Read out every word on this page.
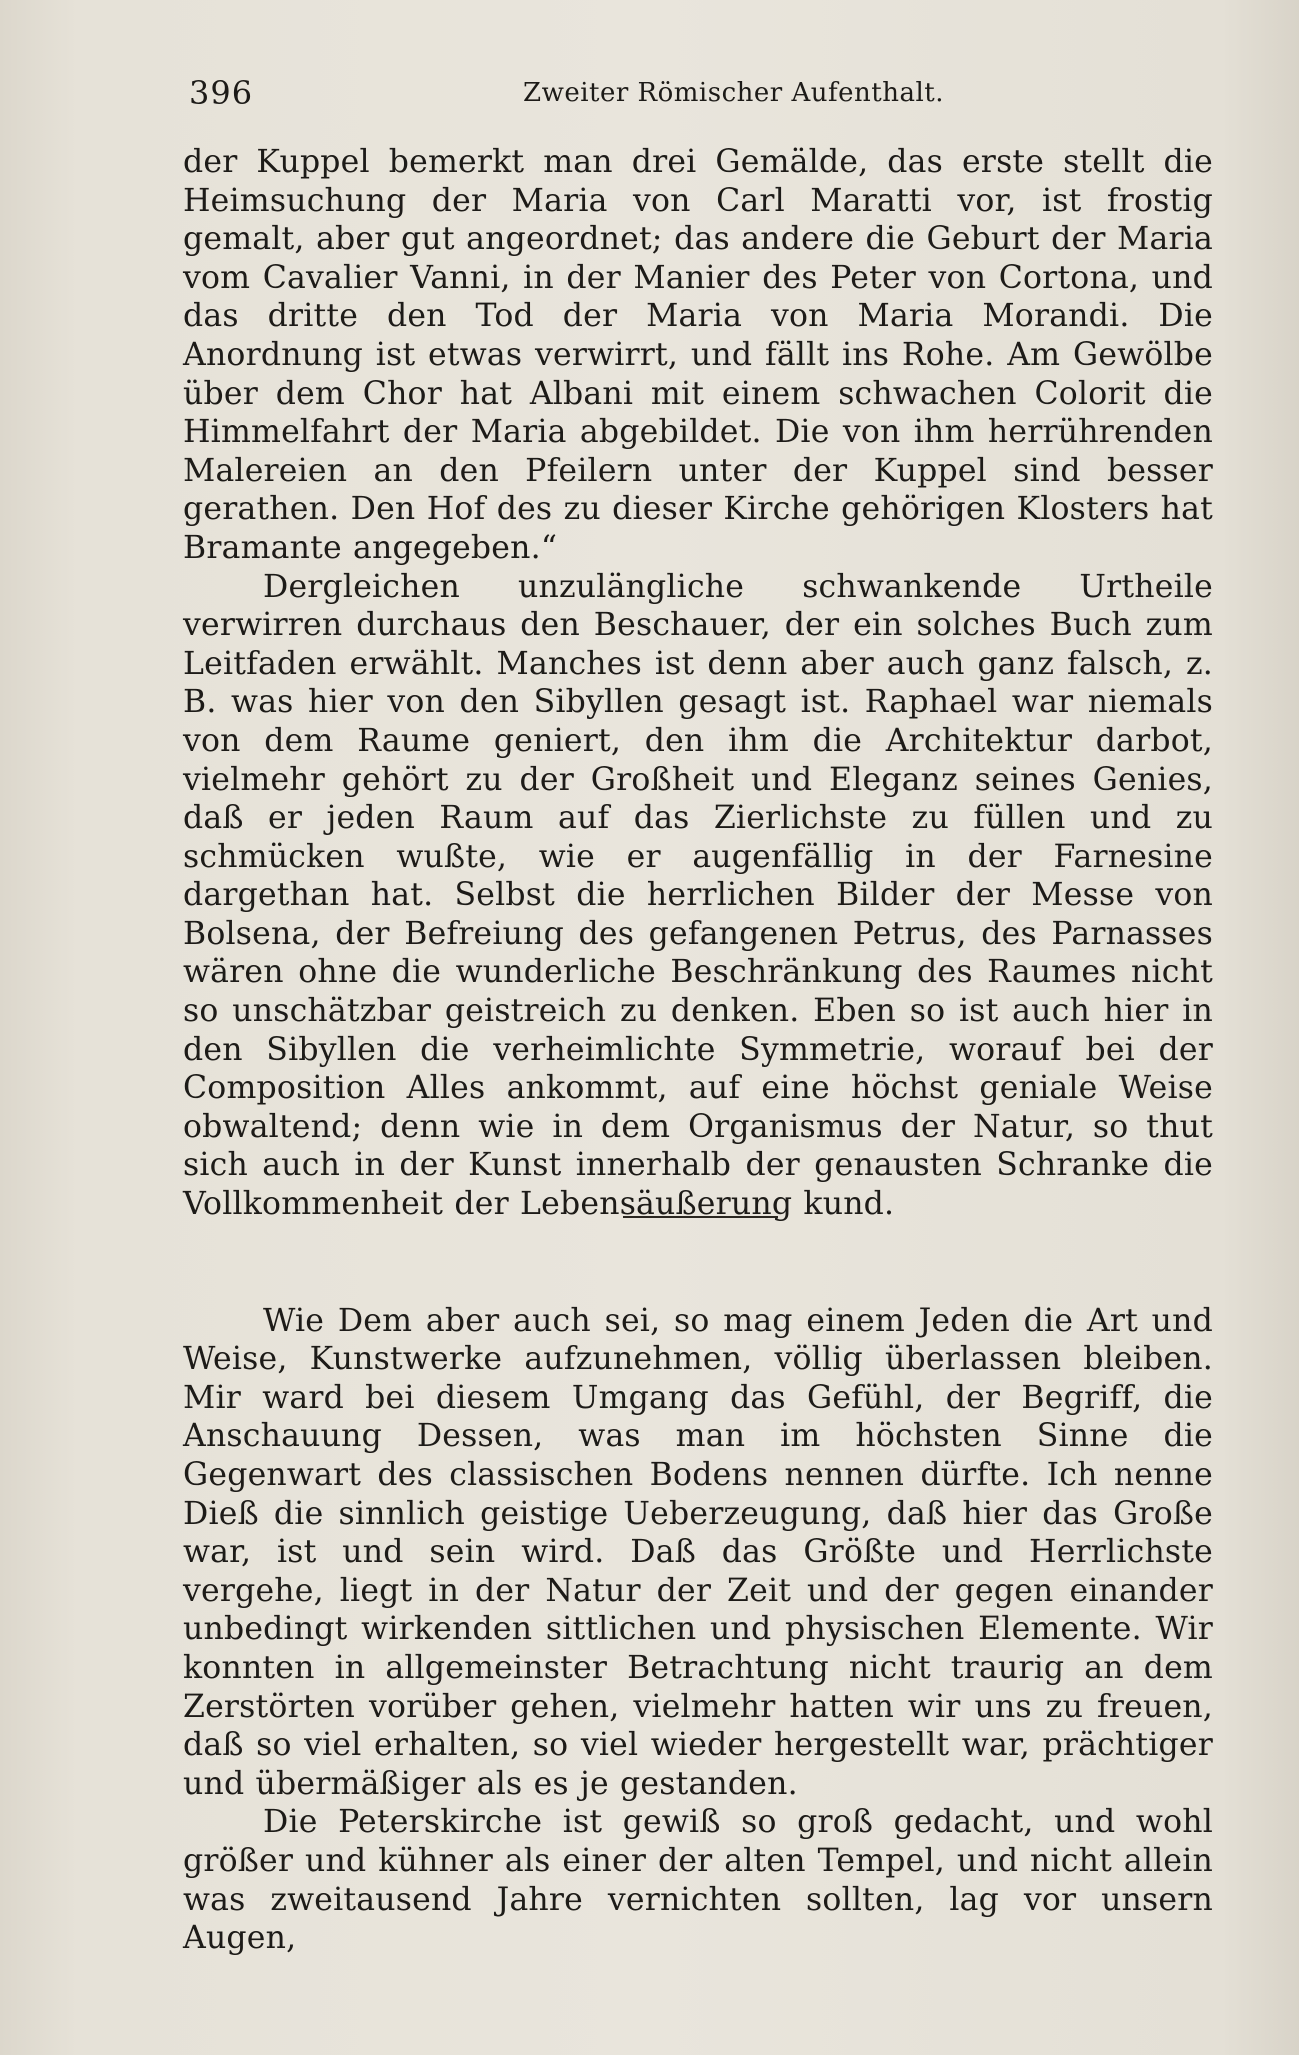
396	Zweiter Römischer Aufenthalt.

der Kuppel bemerkt man drei Gemälde, das erste stellt die Heimsuchung der Maria von Carl Maratti vor, ist frostig gemalt, aber gut angeordnet; das andere die Geburt der Maria vom Cavalier Vanni, in der Manier des Peter von Cortona, und das dritte den Tod der Maria von Maria Morandi. Die Anordnung ist etwas verwirrt, und fällt ins Rohe. Am Gewölbe über dem Chor hat Albani mit einem schwachen Colorit die Himmelfahrt der Maria abgebildet. Die von ihm herrührenden Malereien an den Pfeilern unter der Kuppel sind besser gerathen. Den Hof des zu dieser Kirche gehörigen Klosters hat Bramante angegeben.“

Dergleichen unzulängliche schwankende Urtheile verwirren durchaus den Beschauer, der ein solches Buch zum Leitfaden erwählt. Manches ist denn aber auch ganz falsch, z. B. was hier von den Sibyllen gesagt ist. Raphael war niemals von dem Raume geniert, den ihm die Architektur darbot, vielmehr gehört zu der Großheit und Eleganz seines Genies, daß er jeden Raum auf das Zierlichste zu füllen und zu schmücken wußte, wie er augenfällig in der Farnesine dargethan hat. Selbst die herrlichen Bilder der Messe von Bolsena, der Befreiung des gefangenen Petrus, des Parnasses wären ohne die wunderliche Beschränkung des Raumes nicht so unschätzbar geistreich zu denken. Eben so ist auch hier in den Sibyllen die verheimlichte Symmetrie, worauf bei der Composition Alles ankommt, auf eine höchst geniale Weise obwaltend; denn wie in dem Organismus der Natur, so thut sich auch in der Kunst innerhalb der genausten Schranke die Vollkommenheit der Lebensäußerung kund.

Wie Dem aber auch sei, so mag einem Jeden die Art und Weise, Kunstwerke aufzunehmen, völlig überlassen bleiben. Mir ward bei diesem Umgang das Gefühl, der Begriff, die Anschauung Dessen, was man im höchsten Sinne die Gegenwart des classischen Bodens nennen dürfte. Ich nenne Dieß die sinnlich geistige Ueberzeugung, daß hier das Große war, ist und sein wird. Daß das Größte und Herrlichste vergehe, liegt in der Natur der Zeit und der gegen einander unbedingt wirkenden sittlichen und physischen Elemente. Wir konnten in allgemeinster Betrachtung nicht traurig an dem Zerstörten vorüber gehen, vielmehr hatten wir uns zu freuen, daß so viel erhalten, so viel wieder hergestellt war, prächtiger und übermäßiger als es je gestanden.

Die Peterskirche ist gewiß so groß gedacht, und wohl größer und kühner als einer der alten Tempel, und nicht allein was zweitausend Jahre vernichten sollten, lag vor unsern Augen,
